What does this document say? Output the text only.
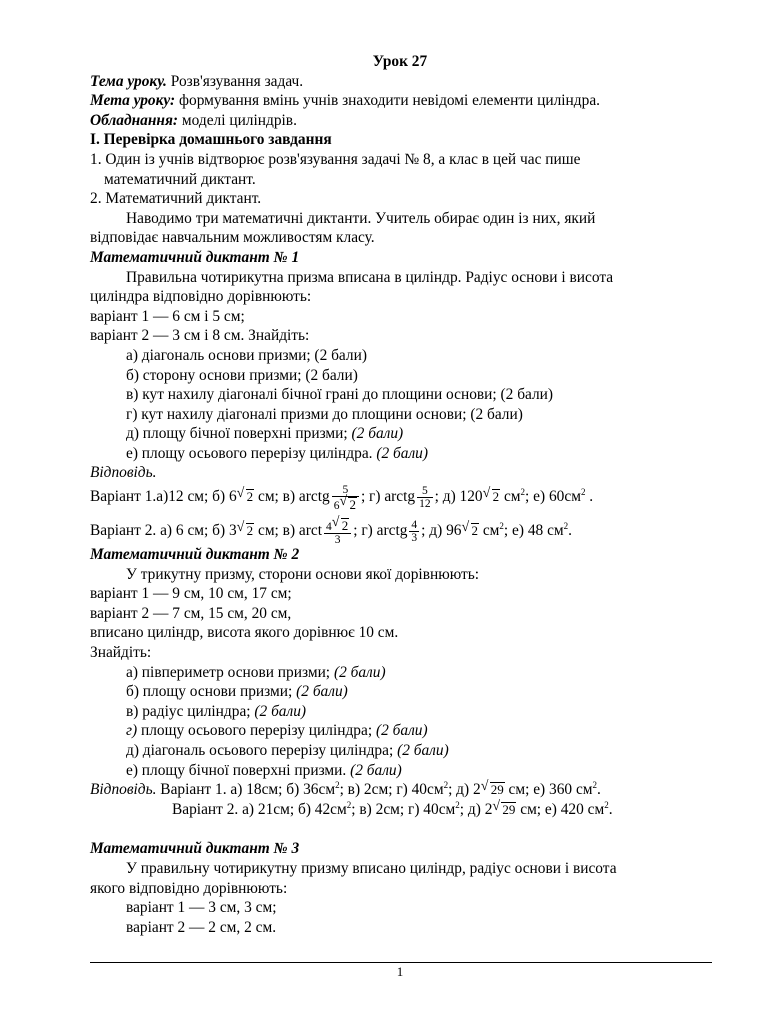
Урок 27
Тема уроку. Розв'язування задач.
Мета уроку: формування вмінь учнів знаходити невідомі елементи циліндра.
Обладнання: моделі циліндрів.
І. Перевірка домашнього завдання
1. Один із учнів відтворює розв'язування задачі № 8, а клас в цей час пише
математичний диктант.
2. Математичний диктант.
Наводимо три математичні диктанти. Учитель обирає один із них, який
відповідає навчальним можливостям класу.
Математичний диктант № 1
Правильна чотирикутна призма вписана в циліндр. Радіус основи і висота
циліндра відповідно дорівнюють:
варіант 1 — 6 см і 5 см;
варіант 2 — 3 см і 8 см. Знайдіть:
а) діагональ основи призми; (2 бали)
б) сторону основи призми; (2 бали)
в) кут нахилу діагоналі бічної грані до площини основи; (2 бали)
г) кут нахилу діагоналі призми до площини основи; (2 бали)
д) площу бічної поверхні призми; (2 бали)
е) площу осьового перерізу циліндра. (2 бали)
Відповідь.
Варіант 1.а)12 см; б) 6 √ 2 см; в) arctg $\frac{5}{6 √ 2}$ ; г) arctg $\frac{5}{12}$ ; д) 120 √ 2 $см^2$; е) $60см^2$ .
Варіант 2. а) 6 см; б) 3 √ 2 см; в) arct $\frac{4 √ 2}{3}$ ; г) arctg $\frac{4}{3}$ ; д) 96 √ 2 $см^2$; е) 48 $см^2$.
Математичний диктант № 2
У трикутну призму, сторони основи якої дорівнюють:
варіант 1 — 9 см, 10 см, 17 см;
варіант 2 — 7 см, 15 см, 20 см,
вписано циліндр, висота якого дорівнює 10 см.
Знайдіть:
а) півпериметр основи призми; (2 бали)
б) площу основи призми; (2 бали)
в) радіус циліндра; (2 бали)
г) площу осьового перерізу циліндра; (2 бали)
д) діагональ осьового перерізу циліндра; (2 бали)
е) площу бічної поверхні призми. (2 бали)
Відповідь. Варіант 1. а) 18см; б) $36см^2$; в) 2см; г) $40см^2$; д) 2 √ 29 см; е) 360 $см^2$.
Варіант 2. а) 21см; б) $42см^2$; в) 2см; г) $40см^2$; д) 2 √ 29 см; е) 420 $см^2$.
Математичний диктант № 3
У правильну чотирикутну призму вписано циліндр, радіус основи і висота
якого відповідно дорівнюють:
варіант 1 — 3 см, 3 см;
варіант 2 — 2 см, 2 см.
1
